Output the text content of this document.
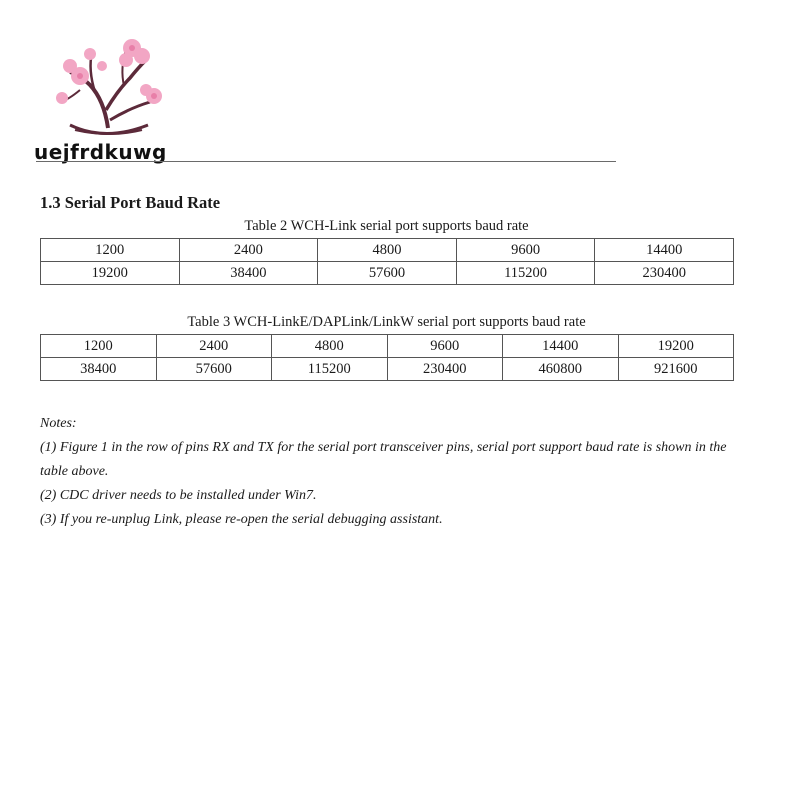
uejfrdkuwg
1.3 Serial Port Baud Rate
Table 2 WCH-Link serial port supports baud rate
1200	2400	4800	9600	14400
19200	38400	57600	115200	230400
Table 3 WCH-LinkE/DAPLink/LinkW serial port supports baud rate
1200	2400	4800	9600	14400	19200
38400	57600	115200	230400	460800	921600

Notes:

(1) Figure 1 in the row of pins RX and TX for the serial port transceiver pins, serial port support baud rate is shown in the table above.

(2) CDC driver needs to be installed under Win7.

(3) If you re-unplug Link, please re-open the serial debugging assistant.
